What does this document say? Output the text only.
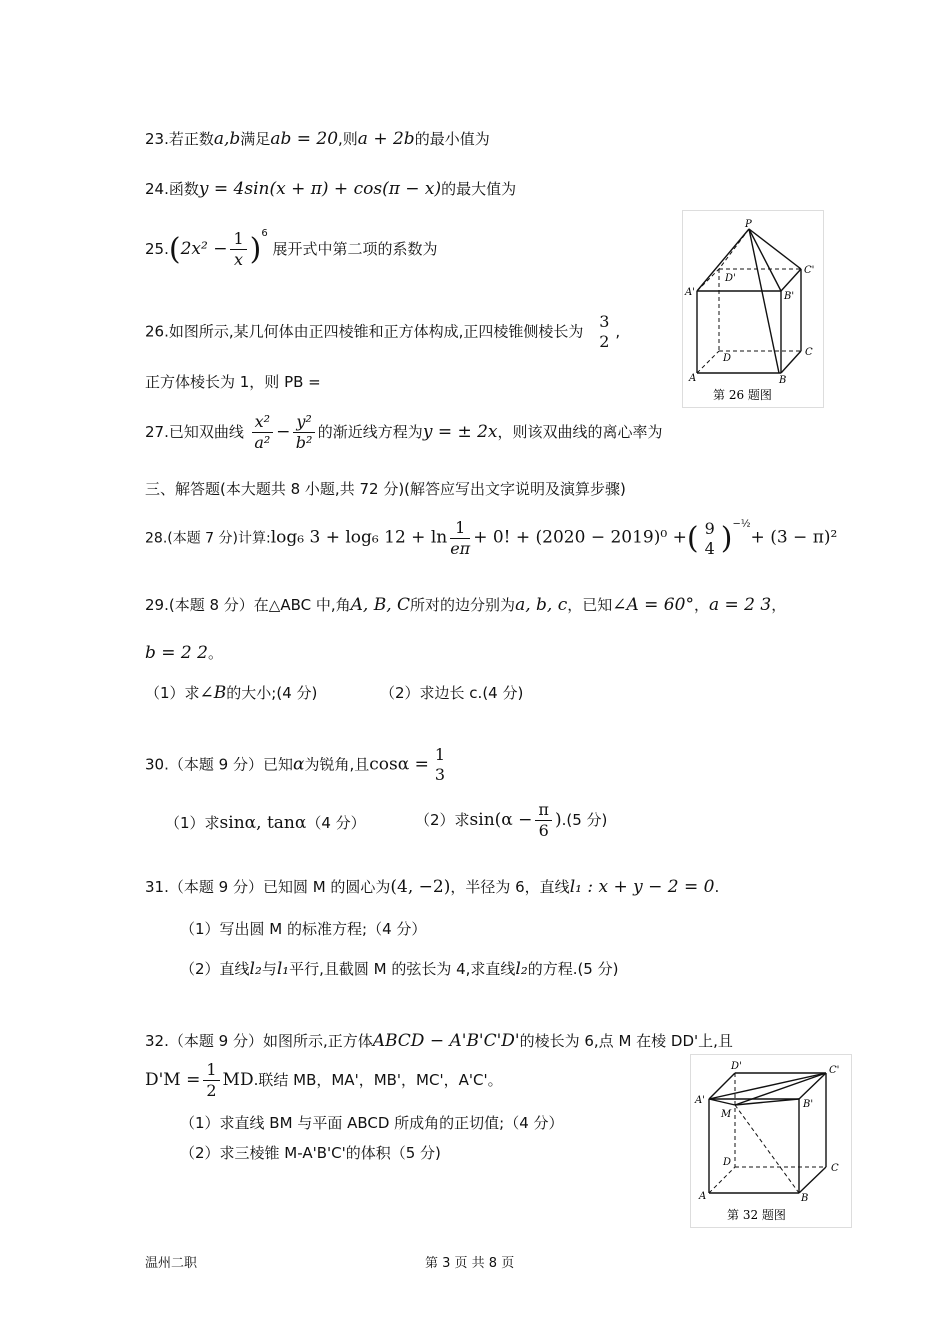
23.若正数a,b满足ab = 20,则a + 2b的最小值为
24.函数y = 4sin(x + π) + cos(π − x)的最大值为
$25.(2x^2 - \frac{1}{x} )^6$ 展开式中第二项的系数为
26.如图所示,某几何体由正四棱锥和正方体构成,正四棱锥侧棱长为
3
2
,
正方体棱长为 1，则 PB =
P
A'	B'
C'
D'
A	B
C
D
第 26 题图
27.已知双曲线 $\frac{\text{x²}}{\text{a²}} - \frac{\text{y²}}{\text{b²}}$ 的渐近线方程为y = ± 2x，则该双曲线的离心率为
三、解答题(本大题共 8 小题,共 72 分)(解答应写出文字说明及演算步骤)
28.(本题 7 分)计算:log₆ 3 + log₆ $12 + \ln \frac{1}{e\pi} + 0$! + (2020 − 2019)⁰ +( 9
4 )$^{-\frac{1}{2}}$+ (3 − π)²
29.(本题 8 分）在△ABC 中,角A, B, C所对的边分别为a, b, c，已知∠A = 60°，a = 2 3，
b = 2 2。
（1）求∠B的大小;(4 分)	（2）求边长 c.(4 分)
30.（本题 9 分）已知α为锐角,且cosα = 1
3
（1）求sinα, tanα（4 分）	（2）求$\sin(\alpha - \frac{\pi}{6} ).(5$ 分)
31.（本题 9 分）已知圆 M 的圆心为(4, −2)，半径为 6，直线l₁ : x + y − 2 = 0.
（1）写出圆 M 的标准方程;（4 分）
（2）直线l₂与l₁平行,且截圆 M 的弦长为 4,求直线l₂的方程.(5 分)
32.（本题 9 分）如图所示,正方体ABCD − A'B'C'D'的棱长为 6,点 M 在棱 DD'上,且
$D'M = \frac{1}{2}$ MD.联结 MB，MA'，MB'，MC'，A'C'。
（1）求直线 BM 与平面 ABCD 所成角的正切值;（4 分）
（2）求三棱锥 M-A'B'C'的体积（5 分)
D'	C'
A'	B'
M
D
C
A	B
第 32 题图
温州二职	第 3 页 共 8 页
